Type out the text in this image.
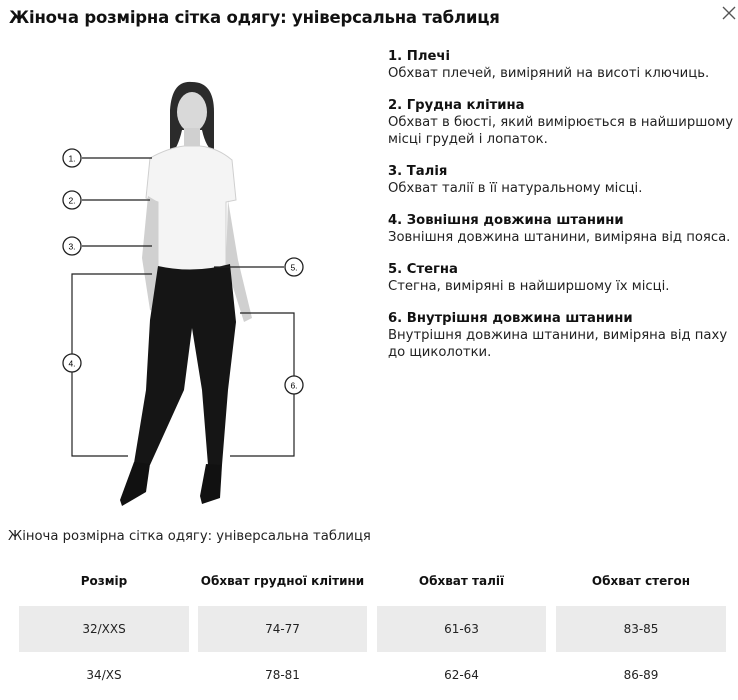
Жіноча розмірна сітка одягу: універсальна таблиця
1.
2.
3.
4.
5.
6.
1. Плечі
Обхват плечей, виміряний на висоті ключиць.
2. Грудна клітина
Обхват в бюсті, який вимірюється в найширшому місці грудей і лопаток.
3. Талія
Обхват талії в її натуральному місці.
4. Зовнішня довжина штанини
Зовнішня довжина штанини, виміряна від пояса.
5. Стегна
Стегна, виміряні в найширшому їх місці.
6. Внутрішня довжина штанини
Внутрішня довжина штанини, виміряна від паху до щиколотки.
Жіноча розмірна сітка одягу: універсальна таблиця
Розмір	Обхват грудної клітини	Обхват талії	Обхват стегон
32/XXS	74-77	61-63	83-85
34/XS	78-81	62-64	86-89
